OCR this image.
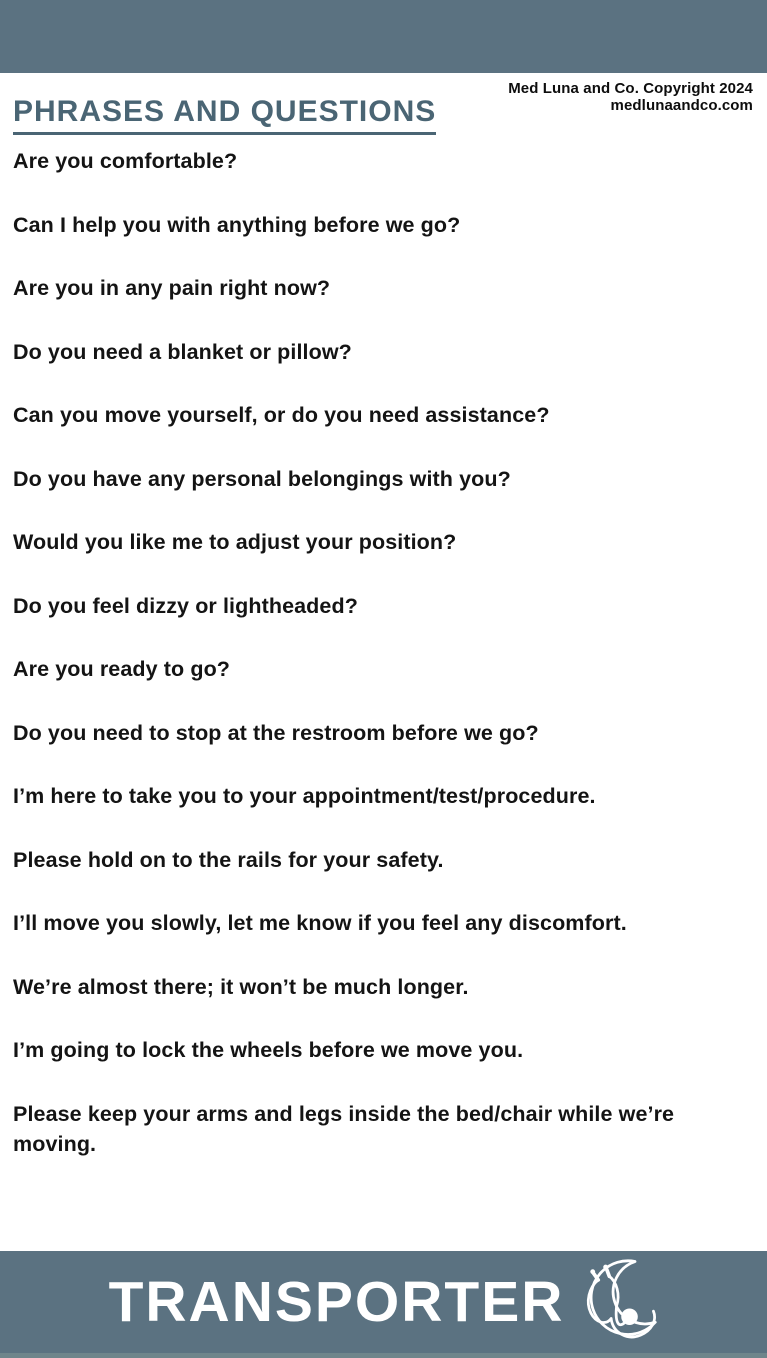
Med Luna and Co. Copyright 2024
medlunaandco.com
PHRASES AND QUESTIONS
Are you comfortable?
Can I help you with anything before we go?
Are you in any pain right now?
Do you need a blanket or pillow?
Can you move yourself, or do you need assistance?
Do you have any personal belongings with you?
Would you like me to adjust your position?
Do you feel dizzy or lightheaded?
Are you ready to go?
Do you need to stop at the restroom before we go?
I’m here to take you to your appointment/test/procedure.
Please hold on to the rails for your safety.
I’ll move you slowly, let me know if you feel any discomfort.
We’re almost there; it won’t be much longer.
I’m going to lock the wheels before we move you.
Please keep your arms and legs inside the bed/chair while we’re moving.
TRANSPORTER
